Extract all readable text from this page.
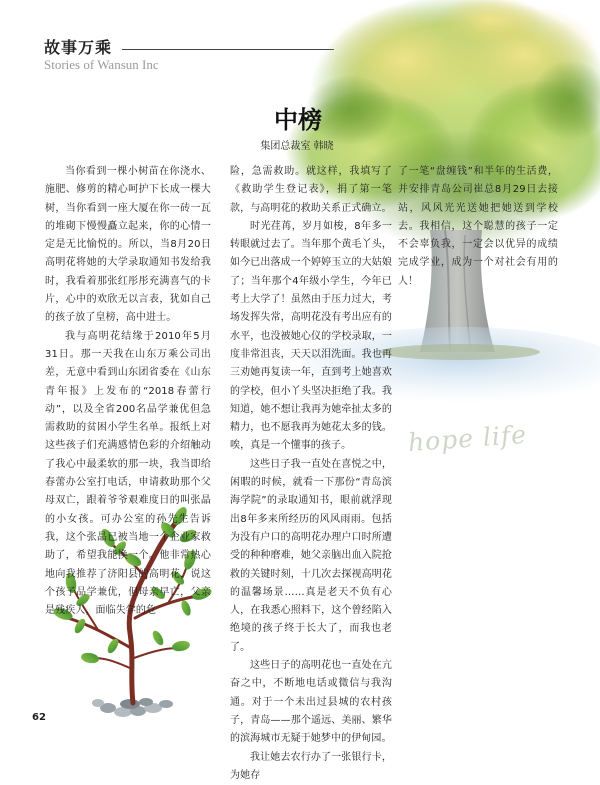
故事万乘
Stories of Wansun Inc
hope life
中榜
集团总裁室 韩晓

当你看到一棵小树苗在你浇水、施肥、修剪的精心呵护下长成一棵大树，当你看到一座大厦在你一砖一瓦的堆砌下慢慢矗立起来，你的心情一定是无比愉悦的。所以，当8月20日高明花将她的大学录取通知书发给我时，我看着那张红彤彤充满喜气的卡片，心中的欢欣无以言表，犹如自己的孩子放了皇榜，高中进士。

我与高明花结缘于2010年5月31日。那一天我在山东万乘公司出差，无意中看到山东团省委在《山东青年报》上发布的“2018春蕾行动”，以及全省200名品学兼优但急需救助的贫困小学生名单。报纸上对这些孩子们充满感情色彩的介绍触动了我心中最柔软的那一块，我当即给春蕾办公室打电话，申请救助那个父母双亡，跟着爷爷艰难度日的叫张晶的小女孩。可办公室的孙先生告诉我，这个张晶已被当地一个企业家救助了，希望我能换一个。他非常热心地向我推荐了济阳县的高明花，说这个孩子品学兼优，但母亲早亡，父亲是残疾人，面临失学的危

险，急需救助。就这样，我填写了《救助学生登记表》，捐了第一笔款，与高明花的救助关系正式确立。

时光荏苒，岁月如梭，8年多一转眼就过去了。当年那个黄毛丫头，如今已出落成一个婷婷玉立的大姑娘了；当年那个4年级小学生，今年已考上大学了！虽然由于压力过大，考场发挥失常，高明花没有考出应有的水平，也没被她心仪的学校录取，一度非常沮丧，天天以泪洗面。我也再三劝她再复读一年，直到考上她喜欢的学校，但小丫头坚决拒绝了我。我知道，她不想让我再为她牵扯太多的精力，也不愿我再为她花太多的钱。唉，真是一个懂事的孩子。

这些日子我一直处在喜悦之中，闲暇的时候，就看一下那份“青岛滨海学院”的录取通知书，眼前就浮现出8年多来所经历的风风雨雨。包括为没有户口的高明花办理户口时所遭受的种种磨难，她父亲脑出血入院抢救的关键时刻，十几次去探视高明花的温馨场景……真是老天不负有心人，在我悉心照料下，这个曾经陷入绝境的孩子终于长大了，而我也老了。

这些日子的高明花也一直处在亢奋之中，不断地电话或微信与我沟通。对于一个未出过县城的农村孩子，青岛——那个遥远、美丽、繁华的滨海城市无疑于她梦中的伊甸园。

我让她去农行办了一张银行卡，为她存

了一笔“盘缠钱”和半年的生活费，并安排青岛公司崔总8月29日去接站，风风光光送她把她送到学校去。我相信，这个聪慧的孩子一定不会辜负我，一定会以优异的成绩完成学业，成为一个对社会有用的人！

62
